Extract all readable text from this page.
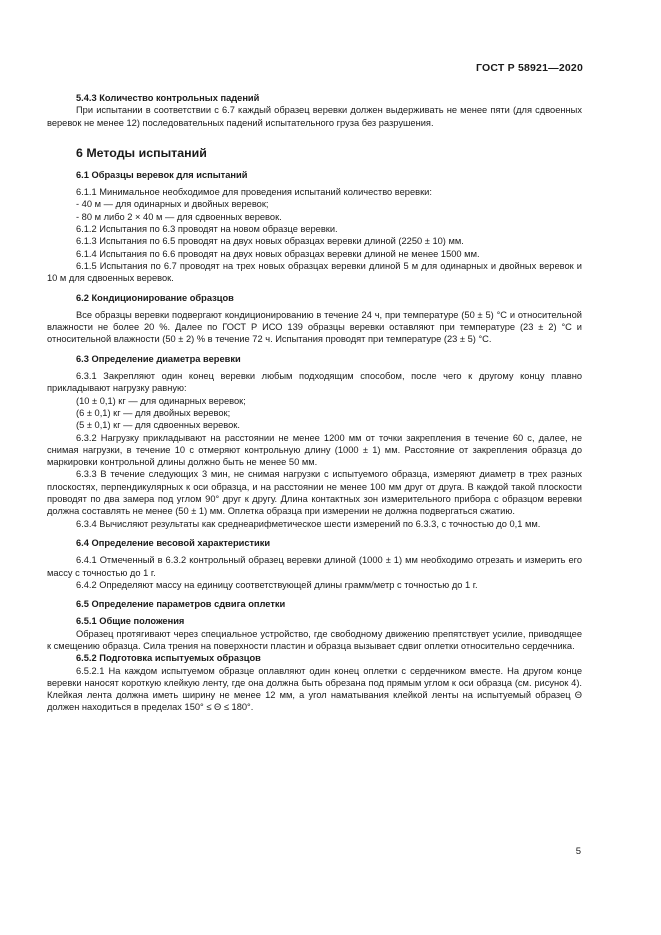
ГОСТ Р 58921—2020

5.4.3 Количество контрольных падений

При испытании в соответствии с 6.7 каждый образец веревки должен выдерживать не менее пяти (для сдвоенных веревок не менее 12) последовательных падений испытательного груза без разрушения.

6 Методы испытаний

6.1 Образцы веревок для испытаний

6.1.1 Минимальное необходимое для проведения испытаний количество веревки:

- 40 м — для одинарных и двойных веревок;

- 80 м либо 2 × 40 м — для сдвоенных веревок.

6.1.2 Испытания по 6.3 проводят на новом образце веревки.

6.1.3 Испытания по 6.5 проводят на двух новых образцах веревки длиной (2250 ± 10) мм.

6.1.4 Испытания по 6.6 проводят на двух новых образцах веревки длиной не менее 1500 мм.

6.1.5 Испытания по 6.7 проводят на трех новых образцах веревки длиной 5 м для одинарных и двойных веревок и 10 м для сдвоенных веревок.

6.2 Кондиционирование образцов

Все образцы веревки подвергают кондиционированию в течение 24 ч, при температуре (50 ± 5) °C и относительной влажности не более 20 %. Далее по ГОСТ Р ИСО 139 образцы веревки оставляют при температуре (23 ± 2) °C и относительной влажности (50 ± 2) % в течение 72 ч. Испытания проводят при температуре (23 ± 5) °C.

6.3 Определение диаметра веревки

6.3.1 Закрепляют один конец веревки любым подходящим способом, после чего к другому концу плавно прикладывают нагрузку равную:

(10 ± 0,1) кг — для одинарных веревок;

(6 ± 0,1) кг — для двойных веревок;

(5 ± 0,1) кг — для сдвоенных веревок.

6.3.2 Нагрузку прикладывают на расстоянии не менее 1200 мм от точки закрепления в течение 60 с, далее, не снимая нагрузки, в течение 10 с отмеряют контрольную длину (1000 ± 1) мм. Расстояние от закрепления образца до маркировки контрольной длины должно быть не менее 50 мм.

6.3.3 В течение следующих 3 мин, не снимая нагрузки с испытуемого образца, измеряют диаметр в трех разных плоскостях, перпендикулярных к оси образца, и на расстоянии не менее 100 мм друг от друга. В каждой такой плоскости проводят по два замера под углом 90° друг к другу. Длина контактных зон измерительного прибора с образцом веревки должна составлять не менее (50 ± 1) мм. Оплетка образца при измерении не должна подвергаться сжатию.

6.3.4 Вычисляют результаты как среднеарифметическое шести измерений по 6.3.3, с точностью до 0,1 мм.

6.4 Определение весовой характеристики

6.4.1 Отмеченный в 6.3.2 контрольный образец веревки длиной (1000 ± 1) мм необходимо отрезать и измерить его массу с точностью до 1 г.

6.4.2 Определяют массу на единицу соответствующей длины грамм/метр с точностью до 1 г.

6.5 Определение параметров сдвига оплетки

6.5.1 Общие положения

Образец протягивают через специальное устройство, где свободному движению препятствует усилие, приводящее к смещению образца. Сила трения на поверхности пластин и образца вызывает сдвиг оплетки относительно сердечника.

6.5.2 Подготовка испытуемых образцов

6.5.2.1 На каждом испытуемом образце оплавляют один конец оплетки с сердечником вместе. На другом конце веревки наносят короткую клейкую ленту, где она должна быть обрезана под прямым углом к оси образца (см. рисунок 4). Клейкая лента должна иметь ширину не менее 12 мм, а угол наматывания клейкой ленты на испытуемый образец Θ должен находиться в пределах 150° ≤ Θ ≤ 180°.

5
